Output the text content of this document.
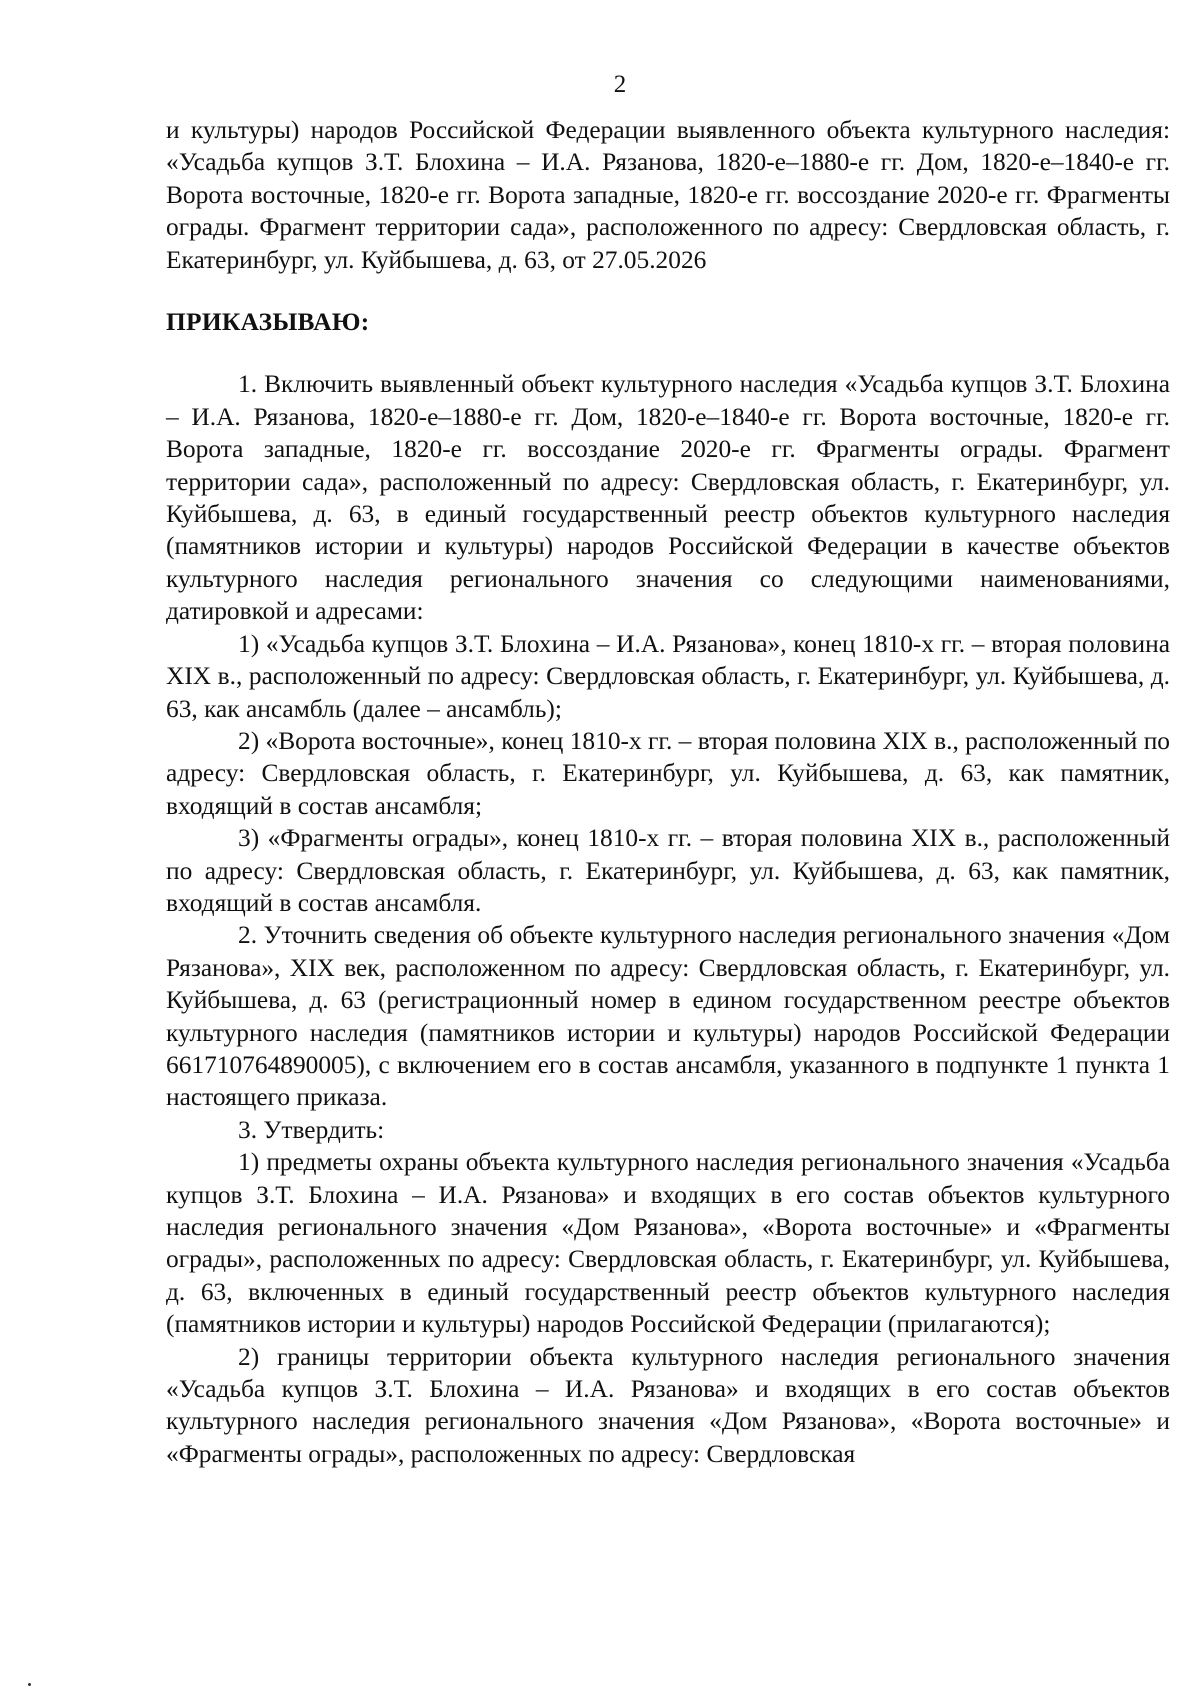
2

и культуры) народов Российской Федерации выявленного объекта культурного наследия: «Усадьба купцов З.Т. Блохина – И.А. Рязанова, 1820-е–1880-е гг. Дом, 1820-е–1840-е гг. Ворота восточные, 1820-е гг. Ворота западные, 1820-е гг. воссоздание 2020-е гг. Фрагменты ограды. Фрагмент территории сада», расположенного по адресу: Свердловская область, г. Екатеринбург, ул. Куйбышева, д. 63, от 27.05.2026

ПРИКАЗЫВАЮ:

1. Включить выявленный объект культурного наследия «Усадьба купцов З.Т. Блохина – И.А. Рязанова, 1820-е–1880-е гг. Дом, 1820-е–1840-е гг. Ворота восточные, 1820-е гг. Ворота западные, 1820-е гг. воссоздание 2020-е гг. Фрагменты ограды. Фрагмент территории сада», расположенный по адресу: Свердловская область, г. Екатеринбург, ул. Куйбышева, д. 63, в единый государственный реестр объектов культурного наследия (памятников истории и культуры) народов Российской Федерации в качестве объектов культурного наследия регионального значения со следующими наименованиями, датировкой и адресами:

1) «Усадьба купцов З.Т. Блохина – И.А. Рязанова», конец 1810-х гг. – вторая половина XIX в., расположенный по адресу: Свердловская область, г. Екатеринбург, ул. Куйбышева, д. 63, как ансамбль (далее – ансамбль);

2) «Ворота восточные», конец 1810-х гг. – вторая половина XIX в., расположенный по адресу: Свердловская область, г. Екатеринбург, ул. Куйбышева, д. 63, как памятник, входящий в состав ансамбля;

3) «Фрагменты ограды», конец 1810-х гг. – вторая половина XIX в., расположенный по адресу: Свердловская область, г. Екатеринбург, ул. Куйбышева, д. 63, как памятник, входящий в состав ансамбля.

2. Уточнить сведения об объекте культурного наследия регионального значения «Дом Рязанова», XIX век, расположенном по адресу: Свердловская область, г. Екатеринбург, ул. Куйбышева, д. 63 (регистрационный номер в едином государственном реестре объектов культурного наследия (памятников истории и культуры) народов Российской Федерации 661710764890005), с включением его в состав ансамбля, указанного в подпункте 1 пункта 1 настоящего приказа.

3. Утвердить:

1) предметы охраны объекта культурного наследия регионального значения «Усадьба купцов З.Т. Блохина – И.А. Рязанова» и входящих в его состав объектов культурного наследия регионального значения «Дом Рязанова», «Ворота восточные» и «Фрагменты ограды», расположенных по адресу: Свердловская область, г. Екатеринбург, ул. Куйбышева, д. 63, включенных в единый государственный реестр объектов культурного наследия (памятников истории и культуры) народов Российской Федерации (прилагаются);

2) границы территории объекта культурного наследия регионального значения «Усадьба купцов З.Т. Блохина – И.А. Рязанова» и входящих в его состав объектов культурного наследия регионального значения «Дом Рязанова», «Ворота восточные» и «Фрагменты ограды», расположенных по адресу: Свердловская
